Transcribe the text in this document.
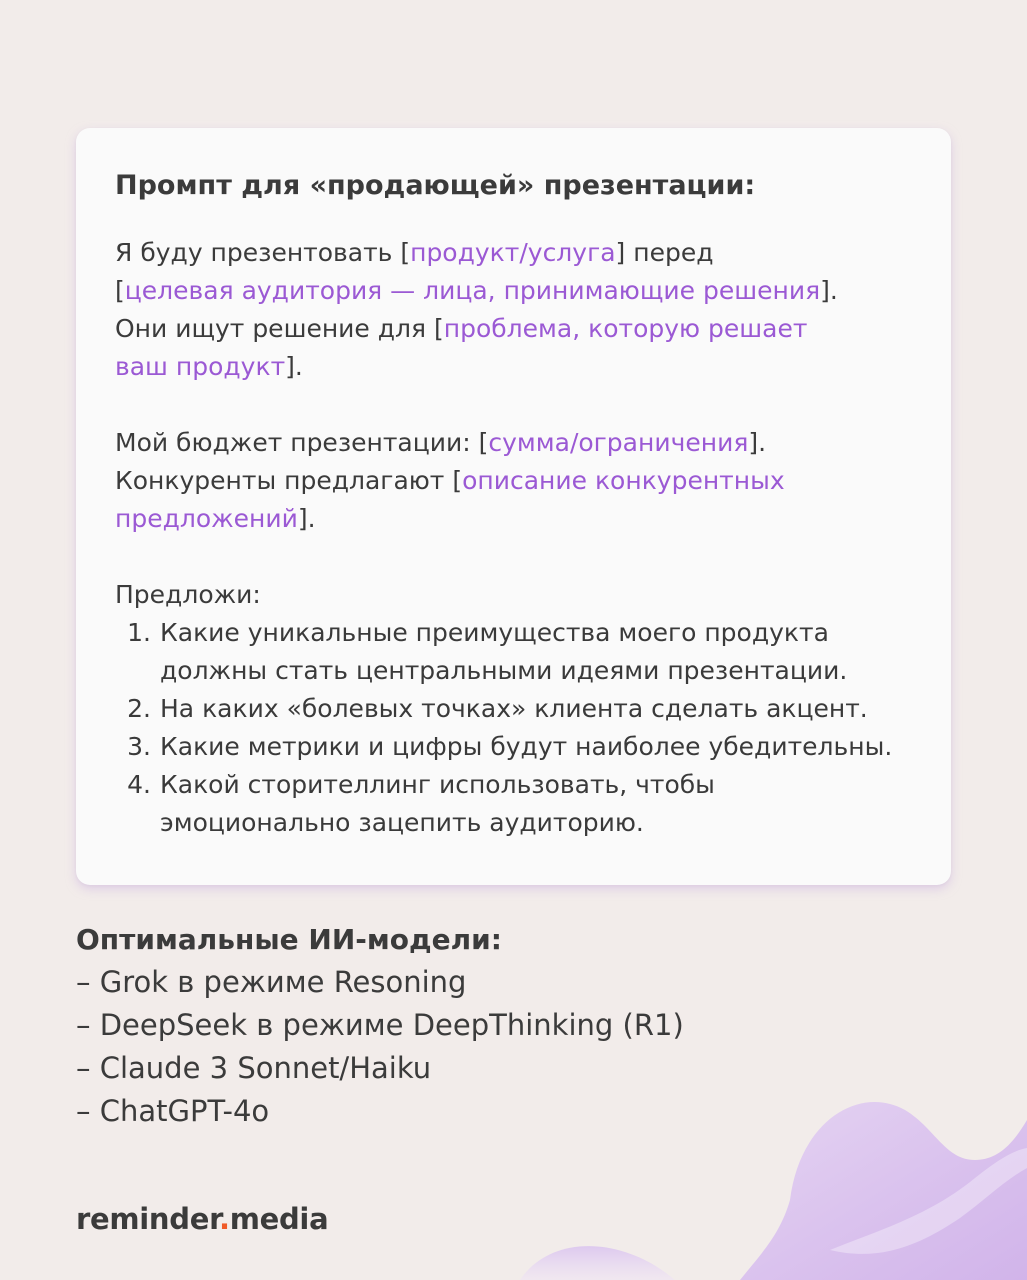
Промпт для «продающей» презентации:

Я буду презентовать [продукт/услуга] перед
[целевая аудитория — лица, принимающие решения].
Они ищут решение для [проблема, которую решает
ваш продукт].

Мой бюджет презентации: [сумма/ограничения].
Конкуренты предлагают [описание конкурентных
предложений].

Предложи:

1. Какие уникальные преимущества моего продукта
должны стать центральными идеями презентации.
2. На каких «болевых точках» клиента сделать акцент.
3. Какие метрики и цифры будут наиболее убедительны.
4. Какой сторителлинг использовать, чтобы
эмоционально зацепить аудиторию.
Оптимальные ИИ-модели:
– Grok в режиме Resoning
– DeepSeek в режиме DeepThinking (R1)
– Claude 3 Sonnet/Haiku
– ChatGPT-4o
reminder.media
